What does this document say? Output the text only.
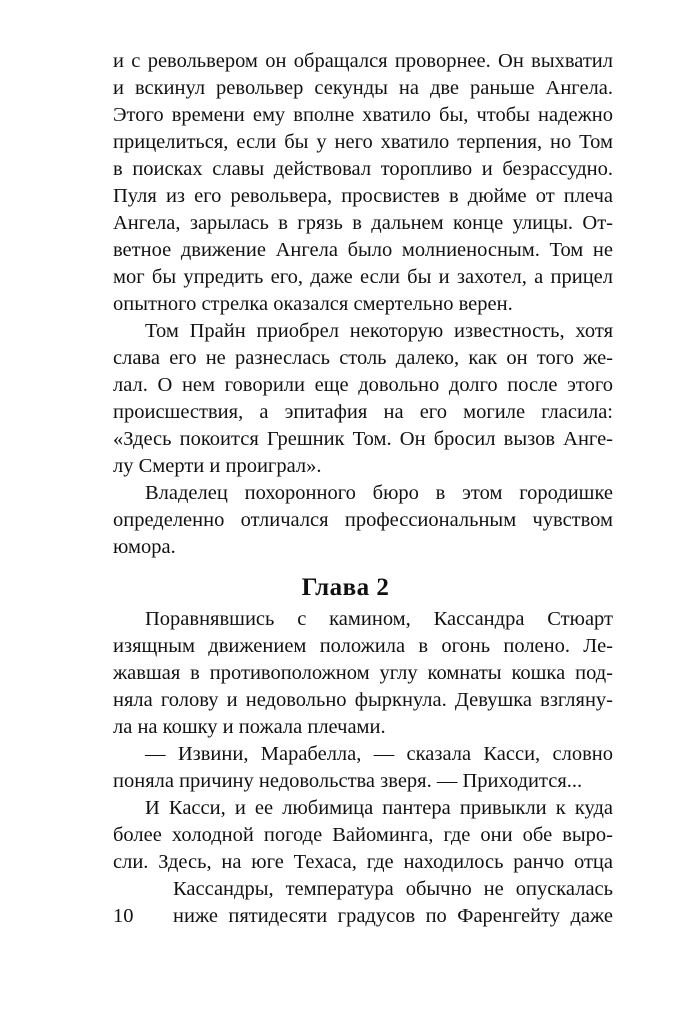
и с револьвером он обращался проворнее. Он выхватил
и вскинул револьвер секунды на две раньше Ангела.
Этого времени ему вполне хватило бы, чтобы надежно
прицелиться, если бы у него хватило терпения, но Том
в поисках славы действовал торопливо и безрассудно.
Пуля из его револьвера, просвистев в дюйме от плеча
Ангела, зарылась в грязь в дальнем конце улицы. От-
ветное движение Ангела было молниеносным. Том не
мог бы упредить его, даже если бы и захотел, а прицел
опытного стрелка оказался смертельно верен.
Том Прайн приобрел некоторую известность, хотя
слава его не разнеслась столь далеко, как он того же-
лал. О нем говорили еще довольно долго после этого
происшествия, а эпитафия на его могиле гласила:
«Здесь покоится Грешник Том. Он бросил вызов Анге-
лу Смерти и проиграл».
Владелец похоронного бюро в этом городишке
определенно отличался профессиональным чувством
юмора.
Глава 2
Поравнявшись с камином, Кассандра Стюарт
изящным движением положила в огонь полено. Ле-
жавшая в противоположном углу комнаты кошка под-
няла голову и недовольно фыркнула. Девушка взгляну-
ла на кошку и пожала плечами.
— Извини, Марабелла, — сказала Касси, словно
поняла причину недовольства зверя. — Приходится...
И Касси, и ее любимица пантера привыкли к куда
более холодной погоде Вайоминга, где они обе выро-
сли. Здесь, на юге Техаса, где находилось ранчо отца
Кассандры, температура обычно не опускалась
ниже пятидесяти градусов по Фаренгейту даже
10
